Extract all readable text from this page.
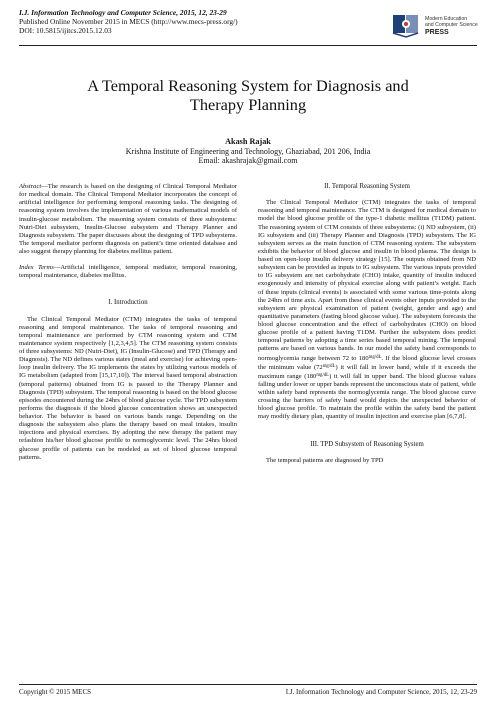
I.J. Information Technology and Computer Science, 2015, 12, 23-29
Published Online November 2015 in MECS (http://www.mecs-press.org/)
DOI: 10.5815/ijitcs.2015.12.03
Modern Education
and Computer Science
PRESS
A Temporal Reasoning System for Diagnosis and
Therapy Planning
Akash Rajak
Krishna Institute of Engineering and Technology, Ghaziabad, 201 206, India
Email: akashrajak@gmail.com

Abstract—The research is based on the designing of Clinical Temporal Mediator for medical domain. The Clinical Temporal Mediator incorporates the concept of artificial intelligence for performing temporal reasoning tasks. The designing of reasoning system involves the implementation of various mathematical models of insulin-glucose metabolism. The reasoning system consists of three subsystems: Nutri-Diet subsystem, Insulin-Glucose subsystem and Therapy Planner and Diagnosis subsystem. The paper discusses about the designing of TPD subsystems. The temporal mediator perform diagnosis on patient’s time oriented database and also suggest therapy planning for diabetes mellitus patient.

Index Terms—Artificial intelligence, temporal mediator, temporal reasoning, temporal maintenance, diabetes mellitus.

I. Introduction

The Clinical Temporal Mediator (CTM) integrates the tasks of temporal reasoning and temporal maintenance. The tasks of temporal reasoning and temporal maintenance are performed by CTM reasoning system and CTM maintenance system respectively [1,2,3,4,5]. The CTM reasoning system consists of three subsystems: ND (Nutri-Diet), IG (Insulin-Glucose) and TPD (Therapy and Diagnosis). The ND defines various states (meal and exercise) for achieving open-loop insulin delivery. The IG implements the states by utilizing various models of IG metabolism (adapted from [15,17,10]). The interval based temporal abstraction (temporal patterns) obtained from IG is passed to the Therapy Planner and Diagnosis (TPD) subsystem. The temporal reasoning is based on the blood glucose episodes encountered during the 24hrs of blood glucose cycle. The TPD subsystem performs the diagnosis if the blood glucose concentration shows an unexpected behavior. The behavior is based on various bands range. Depending on the diagnosis the subsystem also plans the therapy based on meal intakes, insulin injections and physical exercises. By adopting the new therapy the patient may refashion his/her blood glucose profile to normoglycemic level. The 24hrs blood glucose profile of patients can be modeled as set of blood glucose temporal patterns.

II. Temporal Reasoning System

The Clinical Temporal Mediator (CTM) integrates the tasks of temporal reasoning and temporal maintenance. The CTM is designed for medical domain to model the blood glucose profile of the type-1 diabetic mellitus (T1DM) patient. The reasoning system of CTM consists of three subsystems: (i) ND subsystem, (ii) IG subsystem and (iii) Therapy Planner and Diagnosis (TPD) subsystem. The IG subsystem serves as the main function of CTM reasoning system. The subsystem exhibits the behavior of blood glucose and insulin in blood plasma. The design is based on open-loop insulin delivery strategy [15]. The outputs obtained from ND subsystem can be provided as inputs to IG subsystem. The various inputs provided to IG subsystem are net carbohydrate (CHO) intake, quantity of insulin induced exogenously and intensity of physical exercise along with patient’s weight. Each of these inputs (clinical events) is associated with some various time-points along the 24hrs of time axis. Apart from these clinical events other inputs provided to the subsystem are physical examination of patient (weight, gender and age) and quantitative parameters (fasting blood glucose value). The subsystem forecasts the blood glucose concentration and the effect of carbohydrates (CHO) on blood glucose profile of a patient having T1DM. Further the subsystem does predict temporal patterns by adopting a time series based temporal mining. The temporal patterns are based on various bands. In our model the safety band corresponds to normoglycemia range between 72 to $180^{mg/dL}$. If the blood glucose level crosses the minimum value $(72^{mg/dL})$ it will fall in lower band, while if it exceeds the maximum range $(180^{mg/dL})$ it will fall in upper band. The blood glucose values falling under lower or upper bands represent the unconscious state of patient, while within safety band represents the normoglycemia range. The blood glucose curve crossing the barriers of safety band would depicts the unexpected behavior of blood glucose profile. To maintain the profile within the safety band the patient may modify dietary plan, quantity of insulin injection and exercise plan [6,7,8].

III. TPD Subsystem of Reasoning System

The temporal patterns are diagnosed by TPD

Copyright © 2015 MECS	I.J. Information Technology and Computer Science, 2015, 12, 23-29
